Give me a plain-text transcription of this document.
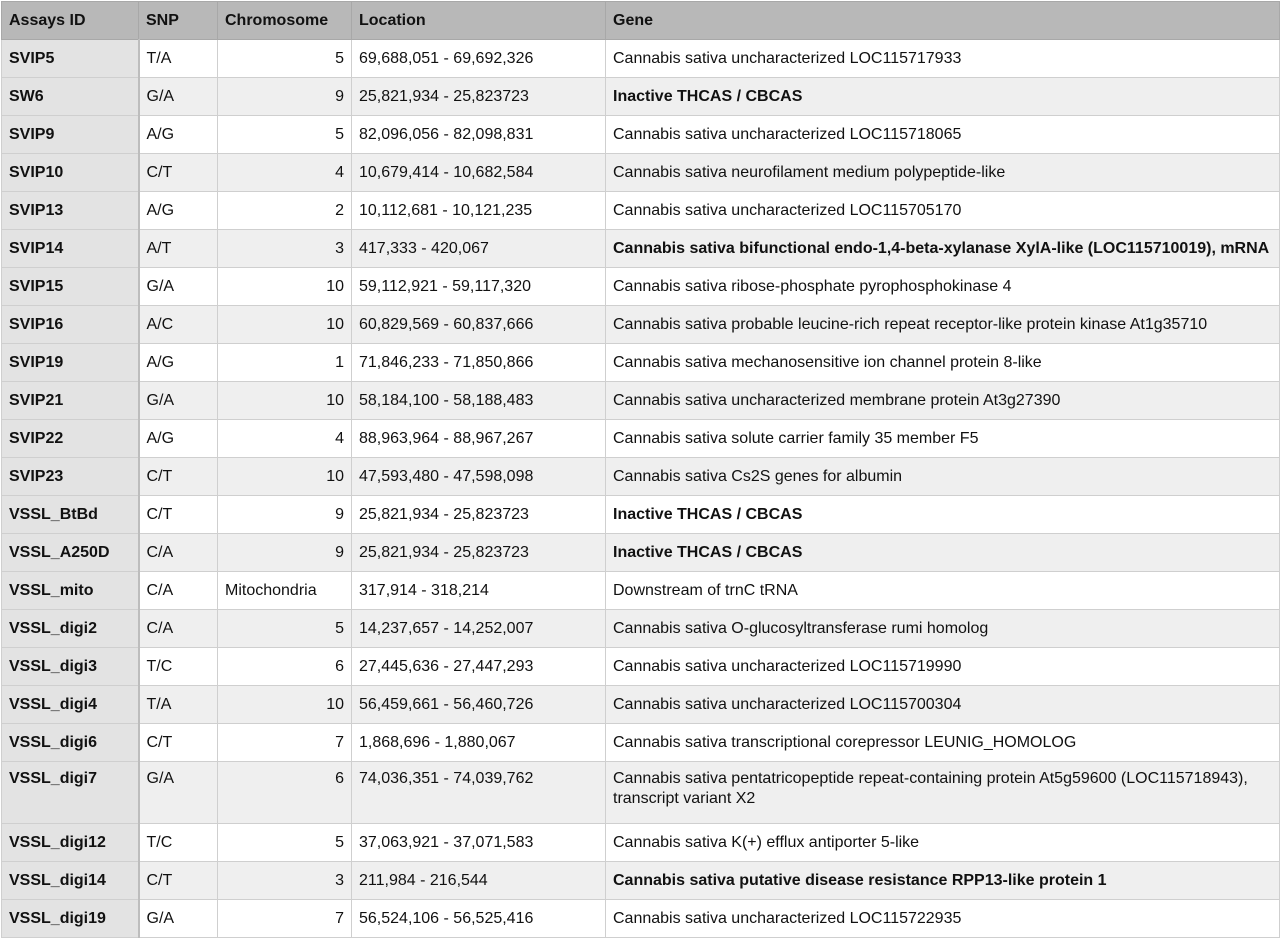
Assays ID	SNP	Chromosome	Location	Gene
SVIP5	T/A	5	69,688,051 - 69,692,326	Cannabis sativa uncharacterized LOC115717933
SW6	G/A	9	25,821,934 - 25,823723	Inactive THCAS / CBCAS
SVIP9	A/G	5	82,096,056 - 82,098,831	Cannabis sativa uncharacterized LOC115718065
SVIP10	C/T	4	10,679,414 - 10,682,584	Cannabis sativa neurofilament medium polypeptide-like
SVIP13	A/G	2	10,112,681 - 10,121,235	Cannabis sativa uncharacterized LOC115705170
SVIP14	A/T	3	417,333 - 420,067	Cannabis sativa bifunctional endo-1,4-beta-xylanase XylA-like (LOC115710019), mRNA
SVIP15	G/A	10	59,112,921 - 59,117,320	Cannabis sativa ribose-phosphate pyrophosphokinase 4
SVIP16	A/C	10	60,829,569 - 60,837,666	Cannabis sativa probable leucine-rich repeat receptor-like protein kinase At1g35710
SVIP19	A/G	1	71,846,233 - 71,850,866	Cannabis sativa mechanosensitive ion channel protein 8-like
SVIP21	G/A	10	58,184,100 - 58,188,483	Cannabis sativa uncharacterized membrane protein At3g27390
SVIP22	A/G	4	88,963,964 - 88,967,267	Cannabis sativa solute carrier family 35 member F5
SVIP23	C/T	10	47,593,480 - 47,598,098	Cannabis sativa Cs2S genes for albumin
VSSL_BtBd	C/T	9	25,821,934 - 25,823723	Inactive THCAS / CBCAS
VSSL_A250D	C/A	9	25,821,934 - 25,823723	Inactive THCAS / CBCAS
VSSL_mito	C/A	Mitochondria	317,914 - 318,214	Downstream of trnC tRNA
VSSL_digi2	C/A	5	14,237,657 - 14,252,007	Cannabis sativa O-glucosyltransferase rumi homolog
VSSL_digi3	T/C	6	27,445,636 - 27,447,293	Cannabis sativa uncharacterized LOC115719990
VSSL_digi4	T/A	10	56,459,661 - 56,460,726	Cannabis sativa uncharacterized LOC115700304
VSSL_digi6	C/T	7	1,868,696 - 1,880,067	Cannabis sativa transcriptional corepressor LEUNIG_HOMOLOG
VSSL_digi7	G/A	6	74,036,351 - 74,039,762	Cannabis sativa pentatricopeptide repeat-containing protein At5g59600 (LOC115718943), transcript variant X2
VSSL_digi12	T/C	5	37,063,921 - 37,071,583	Cannabis sativa K(+) efflux antiporter 5-like
VSSL_digi14	C/T	3	211,984 - 216,544	Cannabis sativa putative disease resistance RPP13-like protein 1
VSSL_digi19	G/A	7	56,524,106 - 56,525,416	Cannabis sativa uncharacterized LOC115722935
